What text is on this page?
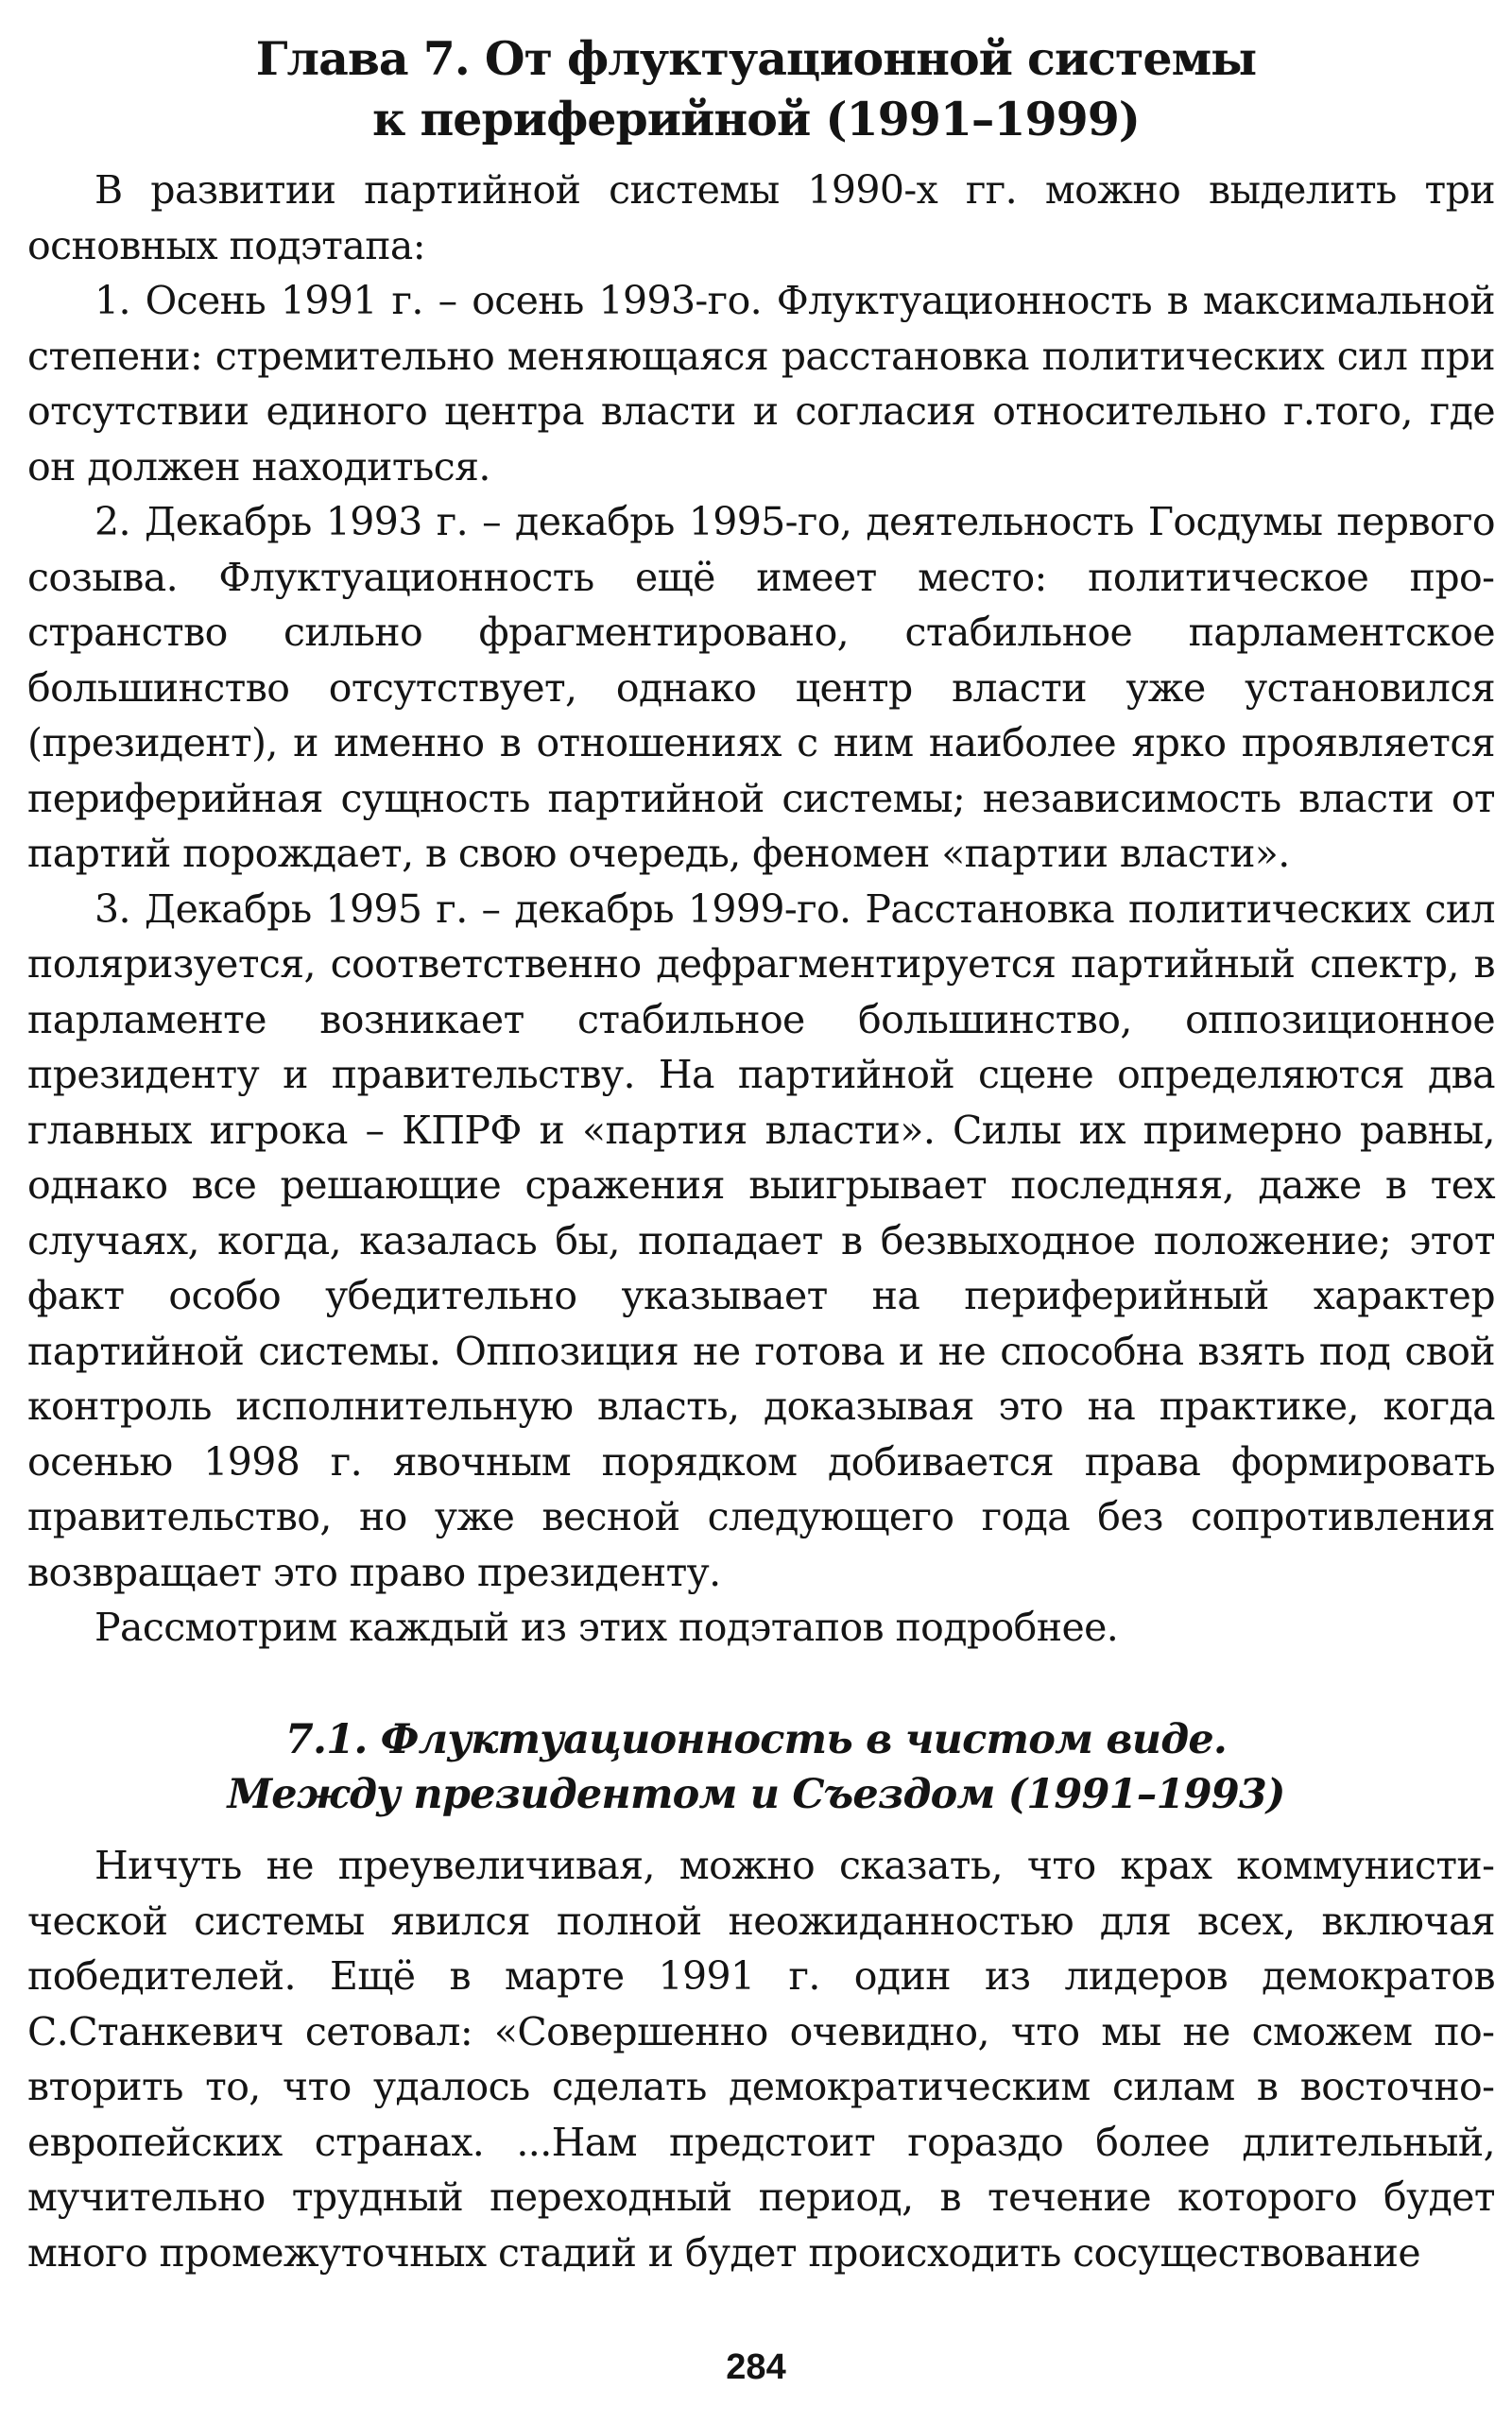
Глава 7. От флуктуационной системы
к периферийной (1991–1999)

В развитии партийной системы 1990-х гг. можно выделить три основных подэтапа:

1. Осень 1991 г. – осень 1993-го. Флуктуационность в максимальной степени: стремительно меняющаяся расстановка политических сил при отсутствии единого центра власти и согласия относительно г.того, где он должен находиться.

2. Декабрь 1993 г. – декабрь 1995-го, деятельность Госдумы первого созыва. Флуктуационность ещё имеет место: политическое пространство сильно фрагментировано, стабильное парламентское большинство отсутствует, однако центр власти уже установился (президент), и именно в отношениях с ним наиболее ярко проявляется периферийная сущность партийной системы; независимость власти от партий порождает, в свою очередь, феномен «партии власти».

3. Декабрь 1995 г. – декабрь 1999-го. Расстановка политических сил поляризуется, соответственно дефрагментируется партийный спектр, в парламенте возникает стабильное большинство, оппозиционное президенту и правительству. На партийной сцене определяются два главных игрока – КПРФ и «партия власти». Силы их примерно равны, однако все решающие сражения выигрывает последняя, даже в тех случаях, когда, казалась бы, попадает в безвыходное положение; этот факт особо убедительно указывает на периферийный характер партийной системы. Оппозиция не готова и не способна взять под свой контроль исполнительную власть, доказывая это на практике, когда осенью 1998 г. явочным порядком добивается права формировать правительство, но уже весной следующего года без сопротивления возвращает это право президенту.

Рассмотрим каждый из этих подэтапов подробнее.

7.1. Флуктуационность в чистом виде.
Между президентом и Съездом (1991–1993)

Ничуть не преувеличивая, можно сказать, что крах коммунистической системы явился полной неожиданностью для всех, включая победителей. Ещё в марте 1991 г. один из лидеров демократов С.Станкевич сетовал: «Совершенно очевидно, что мы не сможем повторить то, что удалось сделать демократическим силам в восточноевропейских странах. ...Нам предстоит гораздо более длительный, мучительно трудный переходный период, в течение которого будет много промежуточных стадий и будет происходить сосуществование

284
